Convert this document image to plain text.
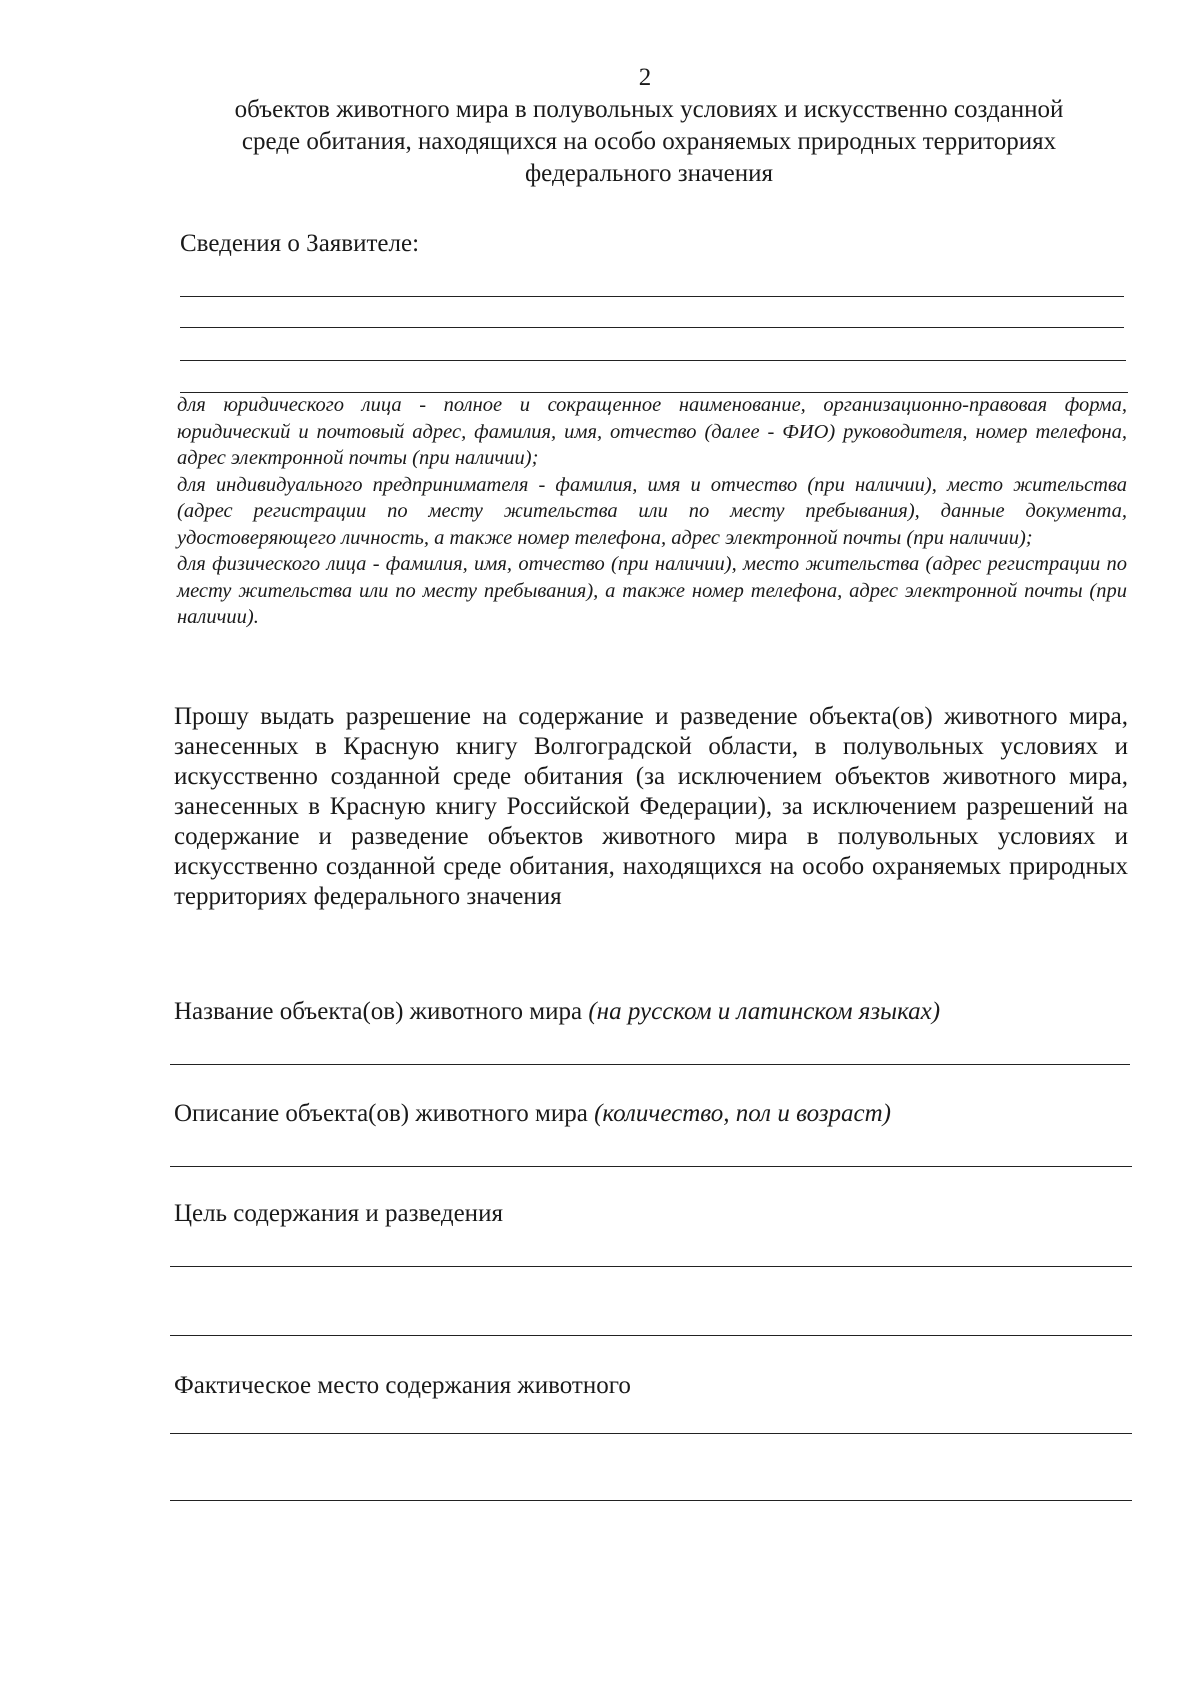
2
объектов животного мира в полувольных условиях и искусственно созданной
среде обитания, находящихся на особо охраняемых природных территориях
федерального значения
Сведения о Заявителе:

для юридического лица - полное и сокращенное наименование, организационно-правовая форма, юридический и почтовый адрес, фамилия, имя, отчество (далее - ФИО) руководителя, номер телефона, адрес электронной почты (при наличии);

для индивидуального предпринимателя - фамилия, имя и отчество (при наличии), место жительства (адрес регистрации по месту жительства или по месту пребывания), данные документа, удостоверяющего личность, а также номер телефона, адрес электронной почты (при наличии);

для физического лица - фамилия, имя, отчество (при наличии), место жительства (адрес регистрации по месту жительства или по месту пребывания), а также номер телефона, адрес электронной почты (при наличии).

Прошу выдать разрешение на содержание и разведение объекта(ов) животного мира, занесенных в Красную книгу Волгоградской области, в полувольных условиях и искусственно созданной среде обитания (за исключением объектов животного мира, занесенных в Красную книгу Российской Федерации), за исключением разрешений на содержание и разведение объектов животного мира в полувольных условиях и искусственно созданной среде обитания, находящихся на особо охраняемых природных территориях федерального значения

Название объекта(ов) животного мира (на русском и латинском языках)
Описание объекта(ов) животного мира (количество, пол и возраст)
Цель содержания и разведения
Фактическое место содержания животного
